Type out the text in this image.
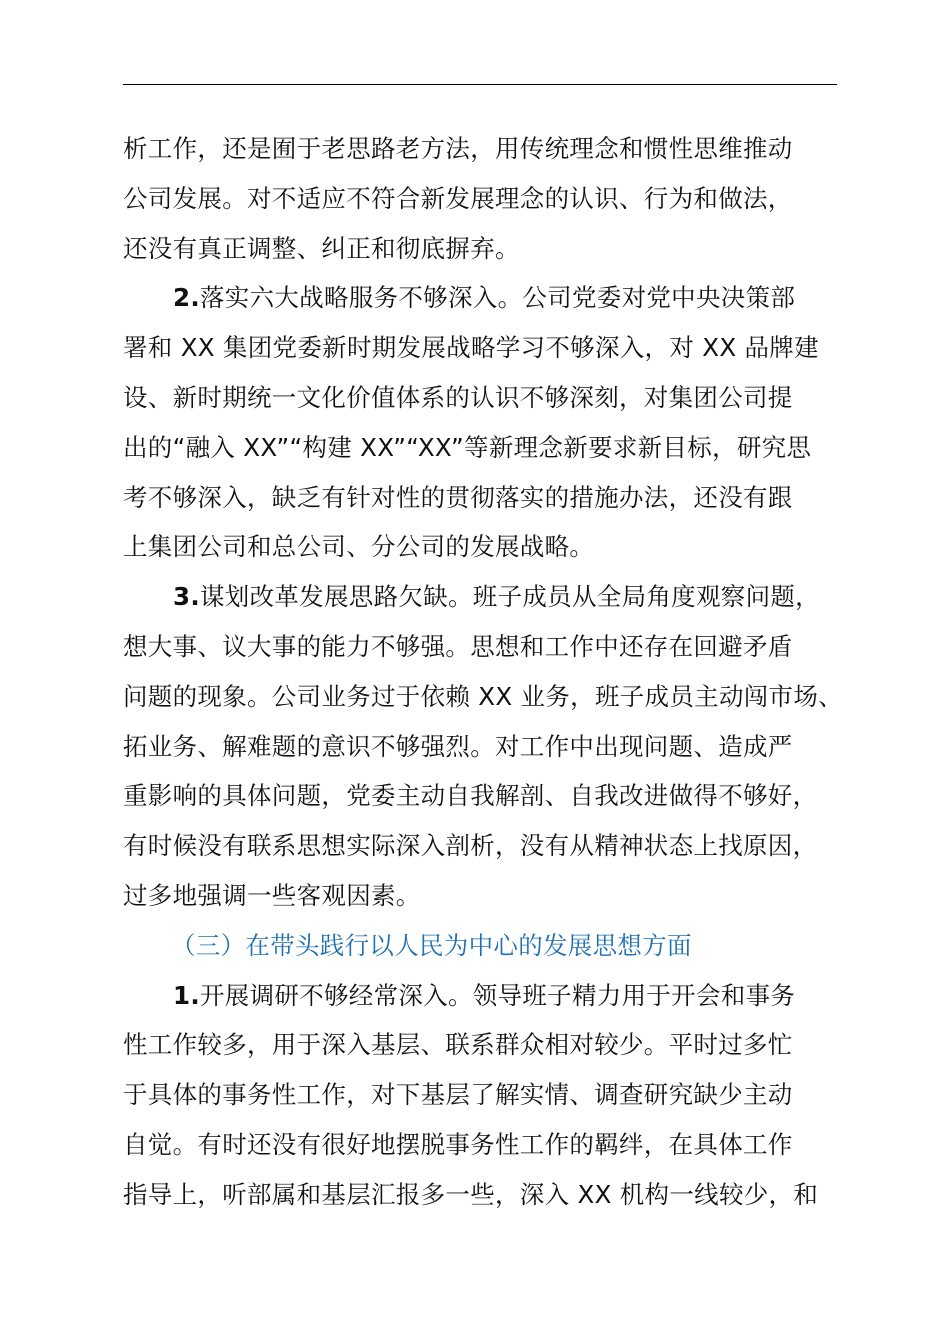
析工作，还是囿于老思路老方法，用传统理念和惯性思维推动
公司发展。对不适应不符合新发展理念的认识、行为和做法，
还没有真正调整、纠正和彻底摒弃。
2.落实六大战略服务不够深入。公司党委对党中央决策部
署和 XX 集团党委新时期发展战略学习不够深入，对 XX 品牌建
设、新时期统一文化价值体系的认识不够深刻，对集团公司提
出的“融入 XX”“构建 XX”“XX”等新理念新要求新目标，研究思
考不够深入，缺乏有针对性的贯彻落实的措施办法，还没有跟
上集团公司和总公司、分公司的发展战略。
3.谋划改革发展思路欠缺。班子成员从全局角度观察问题，
想大事、议大事的能力不够强。思想和工作中还存在回避矛盾
问题的现象。公司业务过于依赖 XX 业务，班子成员主动闯市场、
拓业务、解难题的意识不够强烈。对工作中出现问题、造成严
重影响的具体问题，党委主动自我解剖、自我改进做得不够好，
有时候没有联系思想实际深入剖析，没有从精神状态上找原因，
过多地强调一些客观因素。
（三）在带头践行以人民为中心的发展思想方面
1.开展调研不够经常深入。领导班子精力用于开会和事务
性工作较多，用于深入基层、联系群众相对较少。平时过多忙
于具体的事务性工作，对下基层了解实情、调查研究缺少主动
自觉。有时还没有很好地摆脱事务性工作的羁绊，在具体工作
指导上，听部属和基层汇报多一些，深入 XX 机构一线较少，和
